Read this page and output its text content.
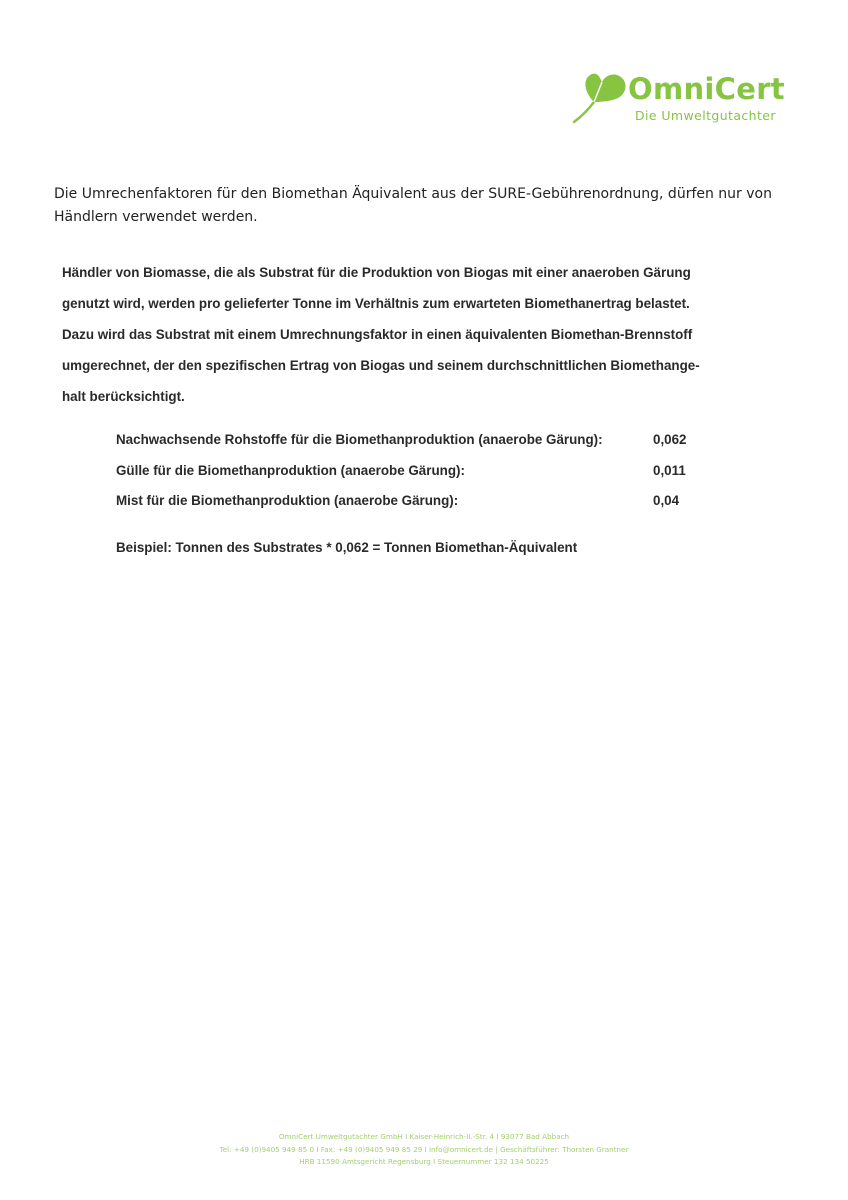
OmniCert
Die Umweltgutachter
Die Umrechenfaktoren für den Biomethan Äquivalent aus der SURE-Gebührenordnung, dürfen nur von Händlern verwendet werden.

Händler von Biomasse, die als Substrat für die Produktion von Biogas mit einer anaeroben Gärung

genutzt wird, werden pro gelieferter Tonne im Verhältnis zum erwarteten Biomethanertrag belastet.

Dazu wird das Substrat mit einem Umrechnungsfaktor in einen äquivalenten Biomethan-Brennstoff

umgerechnet, der den spezifischen Ertrag von Biogas und seinem durchschnittlichen Biomethange-

halt berücksichtigt.

Nachwachsende Rohstoffe für die Biomethanproduktion (anaerobe Gärung):	0,062
Gülle für die Biomethanproduktion (anaerobe Gärung):	0,011
Mist für die Biomethanproduktion (anaerobe Gärung):	0,04
Beispiel: Tonnen des Substrates * 0,062 = Tonnen Biomethan-Äquivalent
OmniCert Umweltgutachter GmbH I Kaiser-Heinrich-II.-Str. 4 I 93077 Bad Abbach
Tel: +49 (0)9405 949 85 0 I Fax: +49 (0)9405 949 85 29 I info@omnicert.de | Geschäftsführer: Thorsten Grantner
HRB 11590 Amtsgericht Regensburg I Steuernummer 132 134 50225
